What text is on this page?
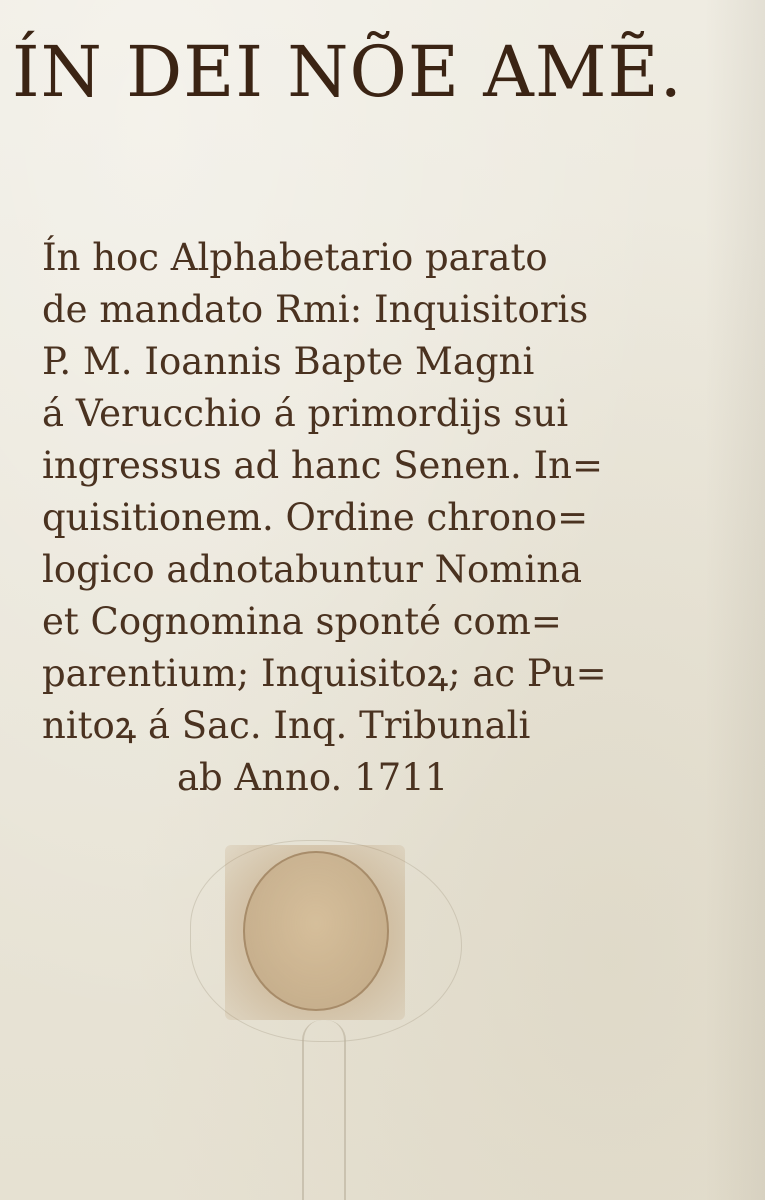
ÍN DEI NÕE AMẼ.
Ín hoc Alphabetario parato
de mandato Rmi: Inquisitoris
P. M. Ioannis Bapte Magni
á Verucchio á primordijs sui
ingressus ad hanc Senen. In=
quisitionem. Ordine chrono=
logico adnotabuntur Nomina
et Cognomina sponté com=
parentium; Inquisitoꝝ; ac Pu=
nitoꝝ á Sac. Inq. Tribunali
ab Anno. 1711
